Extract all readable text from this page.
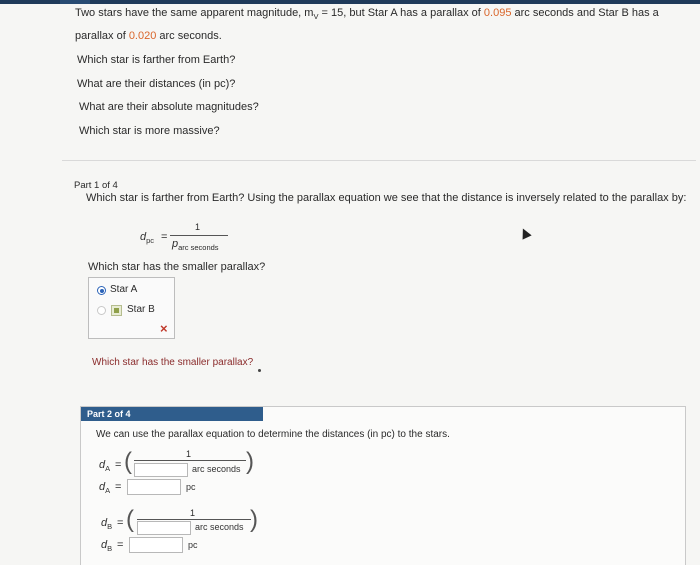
Two stars have the same apparent magnitude, $m_V = 15$, but Star A has a parallax of 0.095 arc seconds and Star B has a
parallax of 0.020 arc seconds.
Which star is farther from Earth?
What are their distances (in pc)?
What are their absolute magnitudes?
Which star is more massive?
Part 1 of 4
Which star is farther from Earth? Using the parallax equation we see that the distance is inversely related to the parallax by:
$d_{pc}$ =
1
$p_{arc seconds}$
Which star has the smaller parallax?
Star A
Star B
×
Which star has the smaller parallax?
Part 2 of 4
We can use the parallax equation to determine the distances (in pc) to the stars.
$d_A$ = (	1
arc seconds )
$d_A$ =	pc
$d_B$ = (	1
arc seconds )
$d_B$ =	pc
